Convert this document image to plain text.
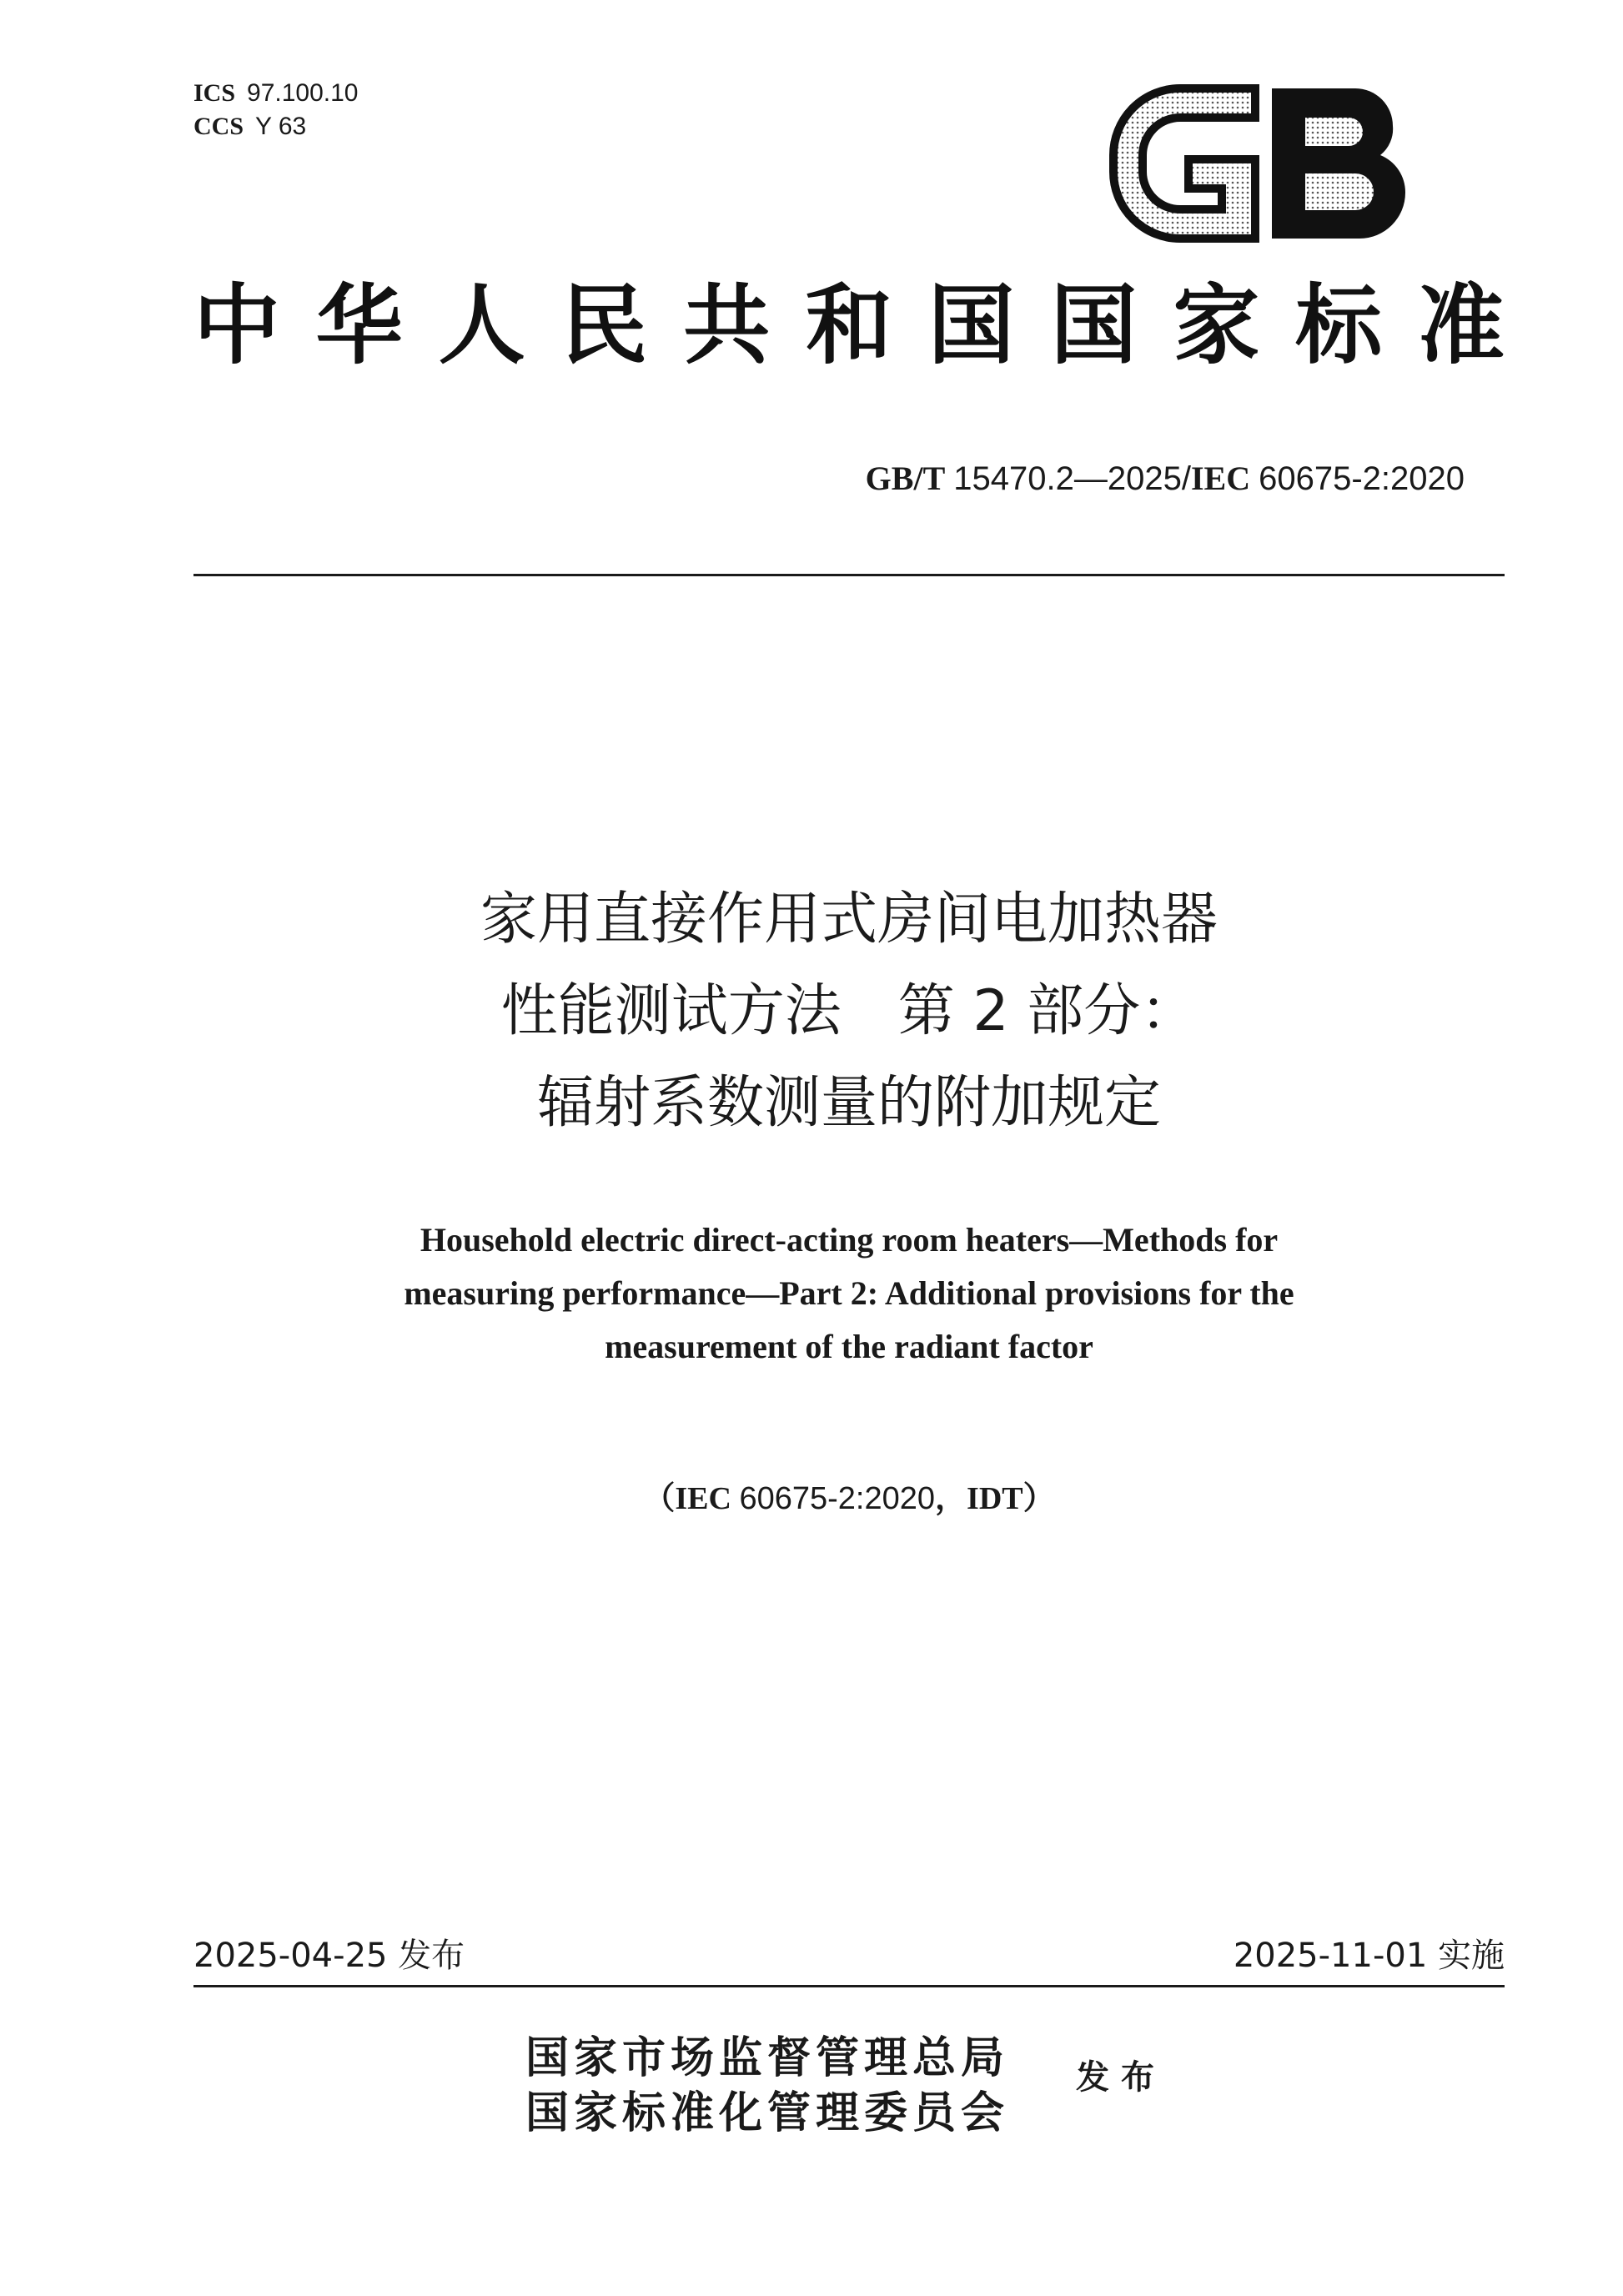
ICS 97.100.10
CCS Y 63
中 华 人 民 共 和 国 国 家 标 准
GB/T 15470.2—2025/IEC 60675-2:2020
家用直接作用式房间电加热器
性能测试方法　第 2 部分：
辐射系数测量的附加规定
Household electric direct-acting room heaters—Methods for
measuring performance—Part 2: Additional provisions for the
measurement of the radiant factor
（IEC 60675-2:2020，IDT）
2025-04-25 发布	2025-11-01 实施
国家市场监督管理总局
国家标准化管理委员会
发布
